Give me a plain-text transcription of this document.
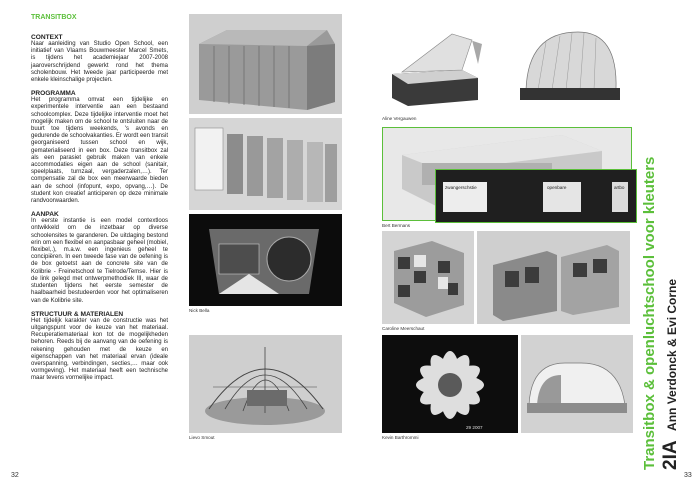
TRANSITBOX
CONTEXT

Naar aanleiding van Studio Open School, een initiatief van Vlaams Bouwmeester Marcel Smets, is tijdens het academiejaar 2007-2008 jaaroverschrijdend gewerkt rond het thema scholenbouw. Het tweede jaar participeerde met enkele kleinschalige projecten.

PROGRAMMA

Het programma omvat een tijdelijke en experimentele interventie aan een bestaand schoolcomplex. Deze tijdelijke interventie moet het mogelijk maken om de school te ontsluiten naar de buurt toe tijdens weekends, 's avonds en gedurende de schoolvakanties. Er wordt een transit georganiseerd tussen school en wijk, gematerialiseerd in een box. Deze transitbox zal als een parasiet gebruik maken van enkele accommodaties eigen aan de school (sanitair, speelplaats, turnzaal, vergaderzalen,…). Ter compensatie zal de box een meerwaarde bieden aan de school (infopunt, expo, opvang,…). De student kon creatief anticiperen op deze minimale randvoorwaarden.

AANPAK

In eerste instantie is een model contextloos ontwikkeld om de inzetbaar op diverse schoolensites te garanderen. De uitdaging bestond erin om een flexibel en aanpasbaar geheel (mobiel, flexibel,.), m.a.w. een ingenieus geheel te concipiëren. In een tweede fase van de oefening is de box getoetst aan de concrete site van de Kolibrie - Freinetschool te Tielrode/Temse. Hier is de link gelegd met ontwerpmethodiek III, waar de studenten tijdens het eerste semester de haalbaarheid bestudeerden voor het optimaliseren van de Kolibrie site.

STRUCTUUR & MATERIALEN

Het tijdelijk karakter van de constructie was het uitgangspunt voor de keuze van het materiaal. Recuperatiemateriaal kon tot de mogelijkheden behoren. Reeds bij de aanvang van de oefening is rekening gehouden met de keuze en eigenschappen van het materiaal ervan (ideale overspanning, verbindingen, secties,… maar ook vormgeving). Het materiaal heeft een technische maar tevens vormelijke impact.

Nick Bella
Lievo Smout
32
Aline Vergauwen
zwangerschstie	openbare	artbo
Bert Bermans
Caroline Meerschaut
29 2007
Kevin Barthrommi	Transitbox & openluchtschool voor kleuters 2IA Ann Verdonck & Evi Corne
33
